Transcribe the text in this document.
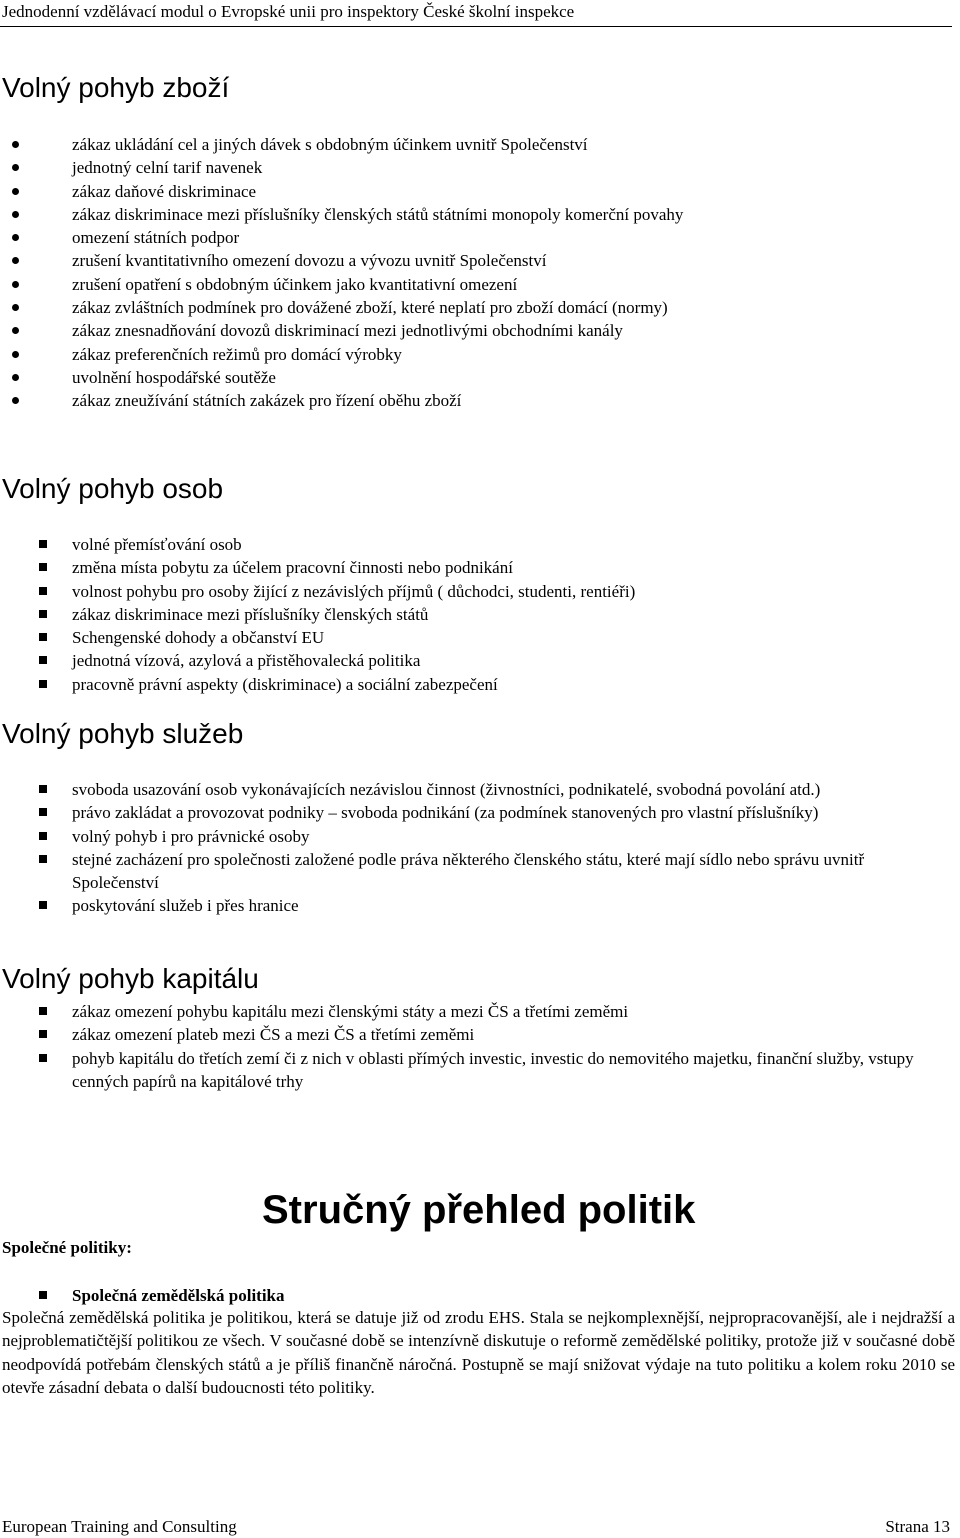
Jednodenní vzdělávací modul o Evropské unii pro inspektory České školní inspekce
Volný pohyb zboží
zákaz ukládání cel a jiných dávek s obdobným účinkem uvnitř Společenství
jednotný celní tarif navenek
zákaz daňové diskriminace
zákaz diskriminace mezi příslušníky členských států státními monopoly komerční povahy
omezení státních podpor
zrušení kvantitativního omezení dovozu a vývozu uvnitř Společenství
zrušení opatření s obdobným účinkem jako kvantitativní omezení
zákaz zvláštních podmínek pro dovážené zboží, které neplatí pro zboží domácí (normy)
zákaz znesnadňování dovozů diskriminací mezi jednotlivými obchodními kanály
zákaz preferenčních režimů pro domácí výrobky
uvolnění hospodářské soutěže
zákaz zneužívání státních zakázek pro řízení oběhu zboží
Volný pohyb osob
volné přemísťování osob
změna místa pobytu za účelem pracovní činnosti nebo podnikání
volnost pohybu pro osoby žijící z nezávislých příjmů ( důchodci, studenti, rentiéři)
zákaz diskriminace mezi příslušníky členských států
Schengenské dohody a občanství EU
jednotná vízová, azylová a přistěhovalecká politika
pracovně právní aspekty (diskriminace) a sociální zabezpečení
Volný pohyb služeb
svoboda usazování osob vykonávajících nezávislou činnost (živnostníci, podnikatelé, svobodná povolání atd.)
právo zakládat a provozovat podniky – svoboda podnikání (za podmínek stanovených pro vlastní příslušníky)
volný pohyb i pro právnické osoby
stejné zacházení pro společnosti založené podle práva některého členského státu, které mají sídlo nebo správu uvnitř Společenství
poskytování služeb i přes hranice
Volný pohyb kapitálu
zákaz omezení pohybu kapitálu mezi členskými státy a mezi ČS a třetími zeměmi
zákaz omezení plateb mezi ČS a mezi ČS a třetími zeměmi
pohyb kapitálu do třetích zemí či z nich v oblasti přímých investic, investic do nemovitého majetku, finanční služby, vstupy cenných papírů na kapitálové trhy
Stručný přehled politik
Společné politiky:
Společná zemědělská politika

Společná zemědělská politika je politikou, která se datuje již od zrodu EHS. Stala se nejkomplexnější, nejpropracovanější, ale i nejdražší a nejproblematičtější politikou ze všech. V současné době se intenzívně diskutuje o reformě zemědělské politiky, protože již v současné době neodpovídá potřebám členských států a je příliš finančně náročná. Postupně se mají snižovat výdaje na tuto politiku a kolem roku 2010 se otevře zásadní debata o další budoucnosti této politiky.

European Training and Consulting	Strana 13
